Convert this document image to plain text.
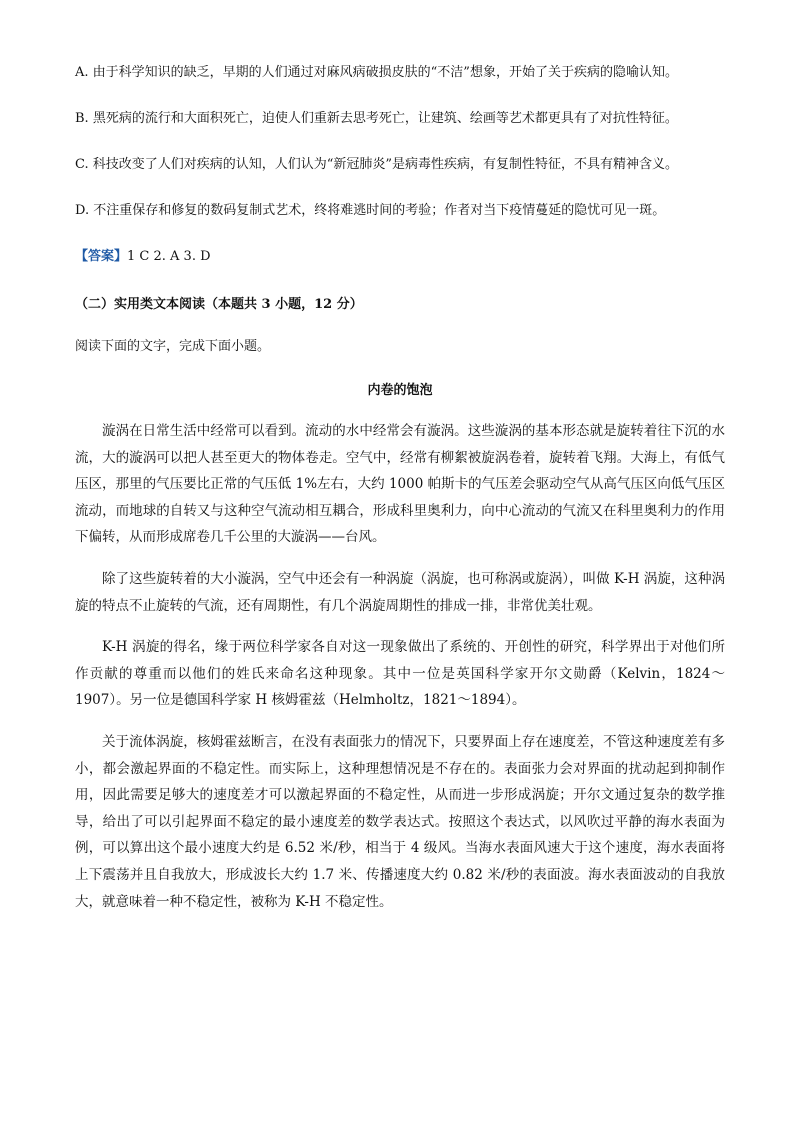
A. 由于科学知识的缺乏，早期的人们通过对麻风病破损皮肤的“不洁”想象，开始了关于疾病的隐喻认知。

B. 黑死病的流行和大面积死亡，迫使人们重新去思考死亡，让建筑、绘画等艺术都更具有了对抗性特征。

C. 科技改变了人们对疾病的认知，人们认为“新冠肺炎”是病毒性疾病，有复制性特征，不具有精神含义。

D. 不注重保存和修复的数码复制式艺术，终将难逃时间的考验；作者对当下疫情蔓延的隐忧可见一斑。

【答案】1 C 2. A 3. D

（二）实用类文本阅读（本题共 3 小题，12 分）

阅读下面的文字，完成下面小题。

内卷的饱泡

漩涡在日常生活中经常可以看到。流动的水中经常会有漩涡。这些漩涡的基本形态就是旋转着往下沉的水流，大的漩涡可以把人甚至更大的物体卷走。空气中，经常有柳絮被旋涡卷着，旋转着飞翔。大海上，有低气压区，那里的气压要比正常的气压低 1%左右，大约 1000 帕斯卡的气压差会驱动空气从高气压区向低气压区流动，而地球的自转又与这种空气流动相互耦合，形成科里奥利力，向中心流动的气流又在科里奥利力的作用下偏转，从而形成席卷几千公里的大漩涡——台风。

除了这些旋转着的大小漩涡，空气中还会有一种涡旋（涡旋，也可称涡或旋涡），叫做 K-H 涡旋，这种涡旋的特点不止旋转的气流，还有周期性，有几个涡旋周期性的排成一排，非常优美壮观。

K-H 涡旋的得名，缘于两位科学家各自对这一现象做出了系统的、开创性的研究，科学界出于对他们所作贡献的尊重而以他们的姓氏来命名这种现象。其中一位是英国科学家开尔文勋爵（Kelvin，1824～1907）。另一位是德国科学家 H 核姆霍兹（Helmholtz，1821～1894）。

关于流体涡旋，核姆霍兹断言，在没有表面张力的情况下，只要界面上存在速度差，不管这种速度差有多小，都会激起界面的不稳定性。而实际上，这种理想情况是不存在的。表面张力会对界面的扰动起到抑制作用，因此需要足够大的速度差才可以激起界面的不稳定性，从而进一步形成涡旋；开尔文通过复杂的数学推导，给出了可以引起界面不稳定的最小速度差的数学表达式。按照这个表达式，以风吹过平静的海水表面为例，可以算出这个最小速度大约是 6.52 米/秒，相当于 4 级风。当海水表面风速大于这个速度，海水表面将上下震荡并且自我放大，形成波长大约 1.7 米、传播速度大约 0.82 米/秒的表面波。海水表面波动的自我放大，就意味着一种不稳定性，被称为 K-H 不稳定性。
